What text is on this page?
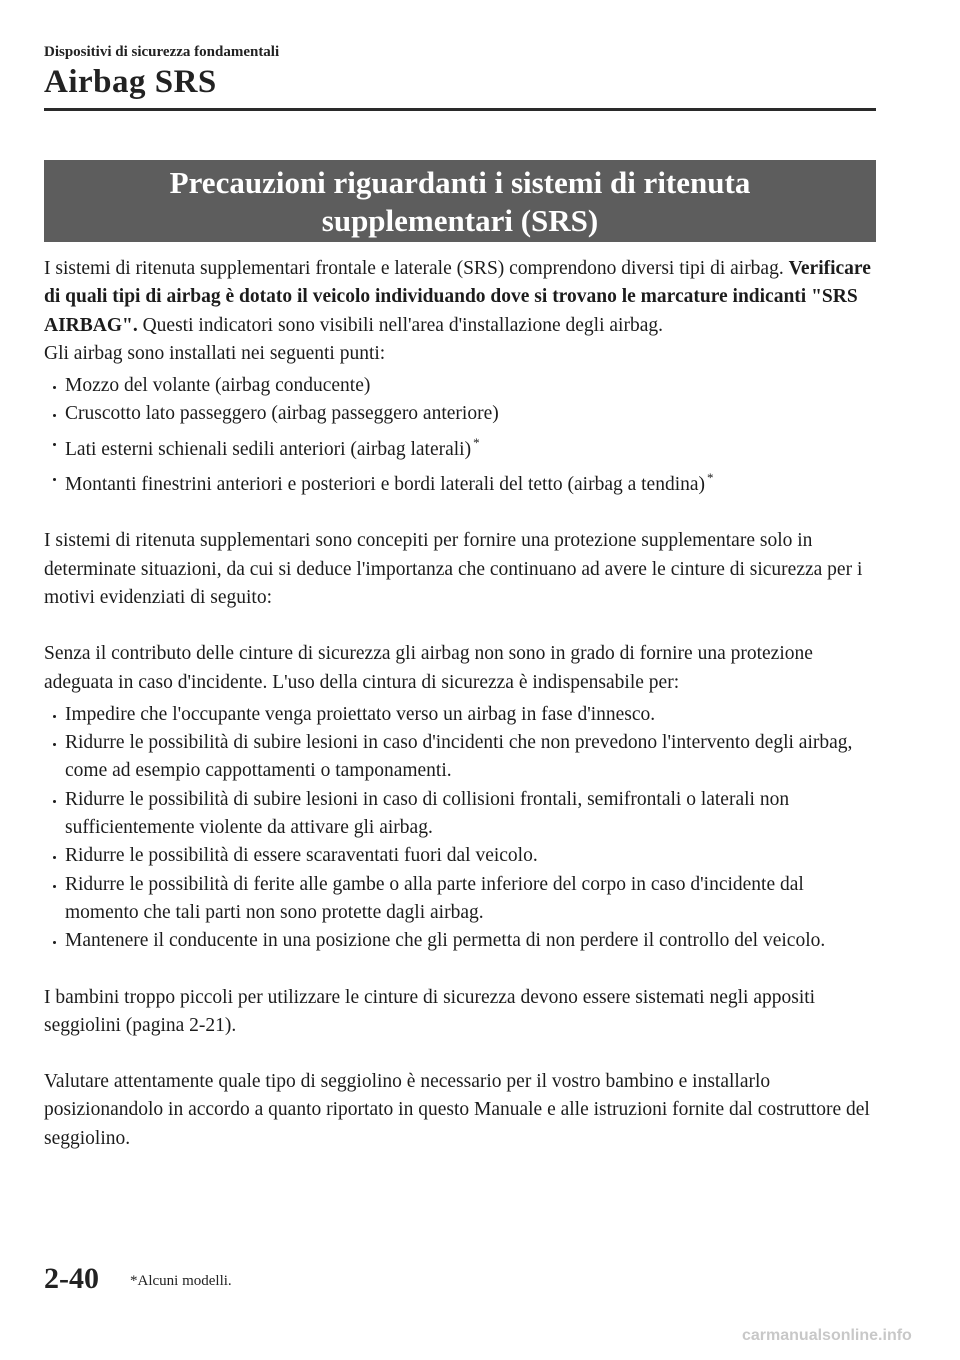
Dispositivi di sicurezza fondamentali
Airbag SRS
Precauzioni riguardanti i sistemi di ritenuta
supplementari (SRS)

I sistemi di ritenuta supplementari frontale e laterale (SRS) comprendono diversi tipi di airbag. Verificare di quali tipi di airbag è dotato il veicolo individuando dove si trovano le marcature indicanti "SRS AIRBAG". Questi indicatori sono visibili nell'area d'installazione degli airbag.

Gli airbag sono installati nei seguenti punti:

Mozzo del volante (airbag conducente)
Cruscotto lato passeggero (airbag passeggero anteriore)
Lati esterni schienali sedili anteriori (airbag laterali) *
Montanti finestrini anteriori e posteriori e bordi laterali del tetto (airbag a tendina) *

I sistemi di ritenuta supplementari sono concepiti per fornire una protezione supplementare solo in determinate situazioni, da cui si deduce l'importanza che continuano ad avere le cinture di sicurezza per i motivi evidenziati di seguito:

Senza il contributo delle cinture di sicurezza gli airbag non sono in grado di fornire una protezione adeguata in caso d'incidente. L'uso della cintura di sicurezza è indispensabile per:

Impedire che l'occupante venga proiettato verso un airbag in fase d'innesco.
Ridurre le possibilità di subire lesioni in caso d'incidenti che non prevedono l'intervento degli airbag, come ad esempio cappottamenti o tamponamenti.
Ridurre le possibilità di subire lesioni in caso di collisioni frontali, semifrontali o laterali non sufficientemente violente da attivare gli airbag.
Ridurre le possibilità di essere scaraventati fuori dal veicolo.
Ridurre le possibilità di ferite alle gambe o alla parte inferiore del corpo in caso d'incidente dal momento che tali parti non sono protette dagli airbag.
Mantenere il conducente in una posizione che gli permetta di non perdere il controllo del veicolo.

I bambini troppo piccoli per utilizzare le cinture di sicurezza devono essere sistemati negli appositi seggiolini (pagina 2-21).

Valutare attentamente quale tipo di seggiolino è necessario per il vostro bambino e installarlo posizionandolo in accordo a quanto riportato in questo Manuale e alle istruzioni fornite dal costruttore del seggiolino.

2-40 *Alcuni modelli.
carmanualsonline.info
